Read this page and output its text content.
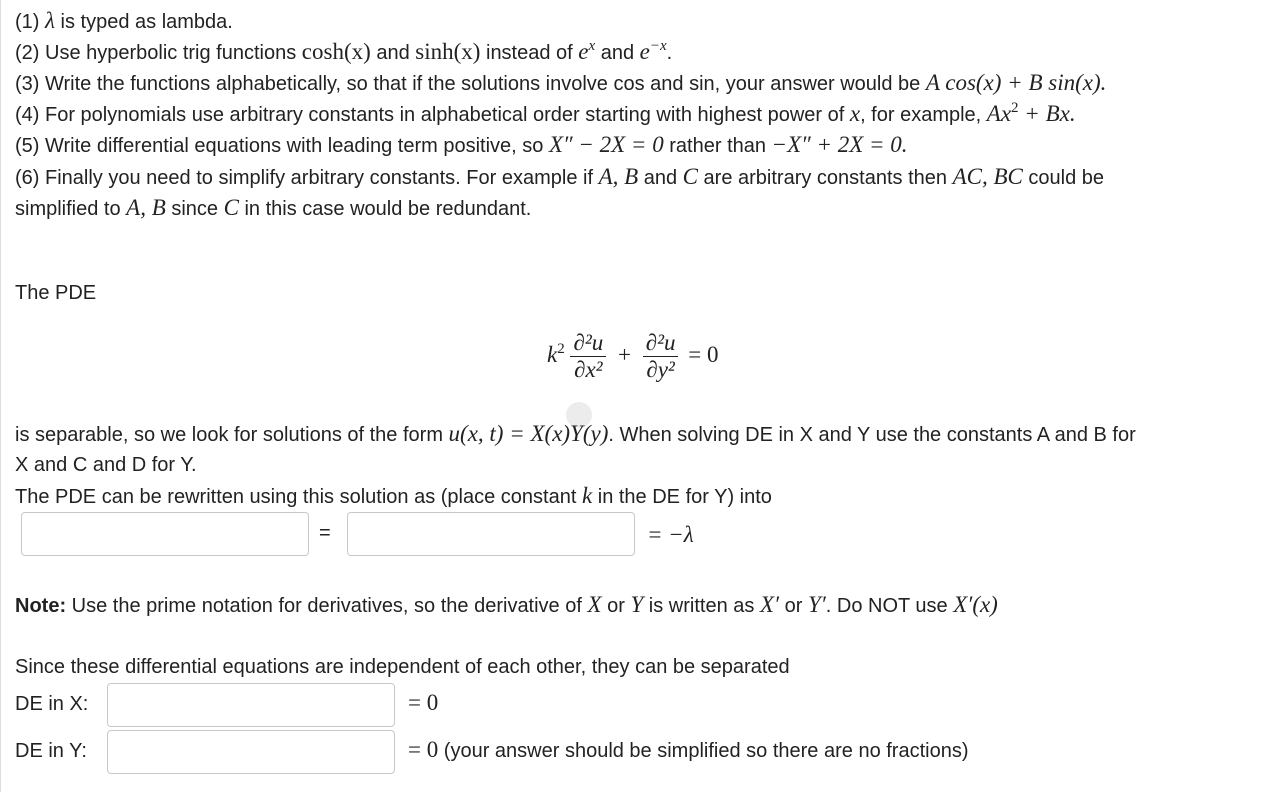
(1) λ is typed as lambda.
(2) Use hyperbolic trig functions cosh(x) and sinh(x) instead of $e^x$ and $e^{-x}$.
(3) Write the functions alphabetically, so that if the solutions involve cos and sin, your answer would be A cos(x) + B sin(x).
(4) For polynomials use arbitrary constants in alphabetical order starting with highest power of x, for example, $Ax^2 + Bx$.
(5) Write differential equations with leading term positive, so X″ − 2X = 0 rather than −X″ + 2X = 0.
(6) Finally you need to simplify arbitrary constants. For example if A, B and C are arbitrary constants then AC, BC could be
simplified to A, B since C in this case would be redundant.
The PDE
$k^2 \frac{\text{∂²u}}{\text{∂x²}} + \frac{\text{∂²u}}{\text{∂y²}} = 0$
is separable, so we look for solutions of the form u(x, t) = X(x)Y(y). When solving DE in X and Y use the constants A and B for
X and C and D for Y.
The PDE can be rewritten using this solution as (place constant k in the DE for Y) into
=	= −λ
Note: Use the prime notation for derivatives, so the derivative of X or Y is written as X′ or Y′. Do NOT use X′(x)
Since these differential equations are independent of each other, they can be separated
DE in X:	= 0
DE in Y:	= 0 (your answer should be simplified so there are no fractions)
